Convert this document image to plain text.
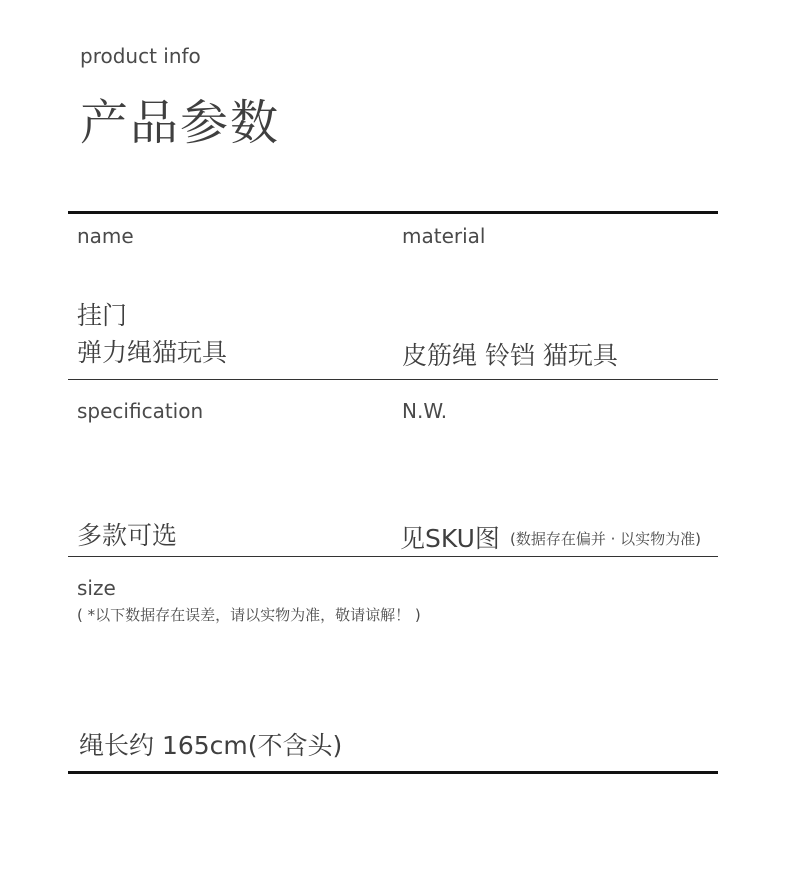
product info
产品参数
name	material
挂门
弹力绳猫玩具	皮筋绳 铃铛 猫玩具
specification	N.W.
多款可选	见SKU图 (数据存在偏并 · 以实物为准)
size
( *以下数据存在误差，请以实物为准，敬请谅解！ )
绳长约 165cm(不含头)
